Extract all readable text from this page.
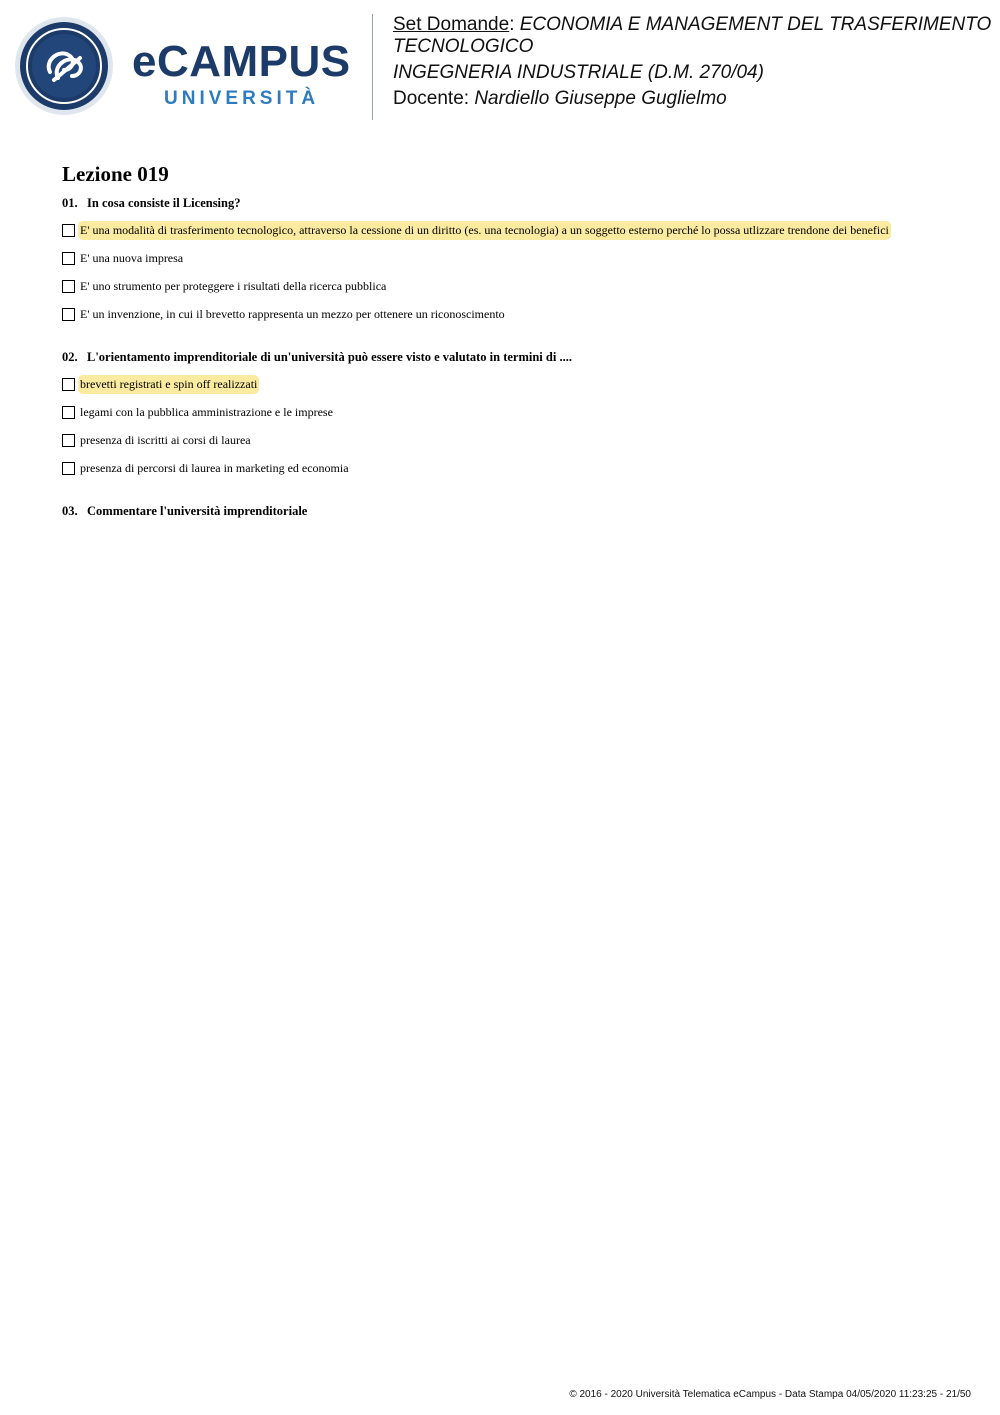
eCAMPUS
UNIVERSITÀ
Set Domande: ECONOMIA E MANAGEMENT DEL TRASFERIMENTO
TECNOLOGICO
INGEGNERIA INDUSTRIALE (D.M. 270/04)
Docente: Nardiello Giuseppe Guglielmo
Lezione 019
01. In cosa consiste il Licensing?
E' una modalità di trasferimento tecnologico, attraverso la cessione di un diritto (es. una tecnologia) a un soggetto esterno perché lo possa utlizzare trendone dei benefici
E' una nuova impresa
E' uno strumento per proteggere i risultati della ricerca pubblica
E' un invenzione, in cui il brevetto rappresenta un mezzo per ottenere un riconoscimento
02. L'orientamento imprenditoriale di un'università può essere visto e valutato in termini di ....
brevetti registrati e spin off realizzati
legami con la pubblica amministrazione e le imprese
presenza di iscritti ai corsi di laurea
presenza di percorsi di laurea in marketing ed economia
03. Commentare l'università imprenditoriale
© 2016 - 2020 Università Telematica eCampus - Data Stampa 04/05/2020 11:23:25 - 21/50
